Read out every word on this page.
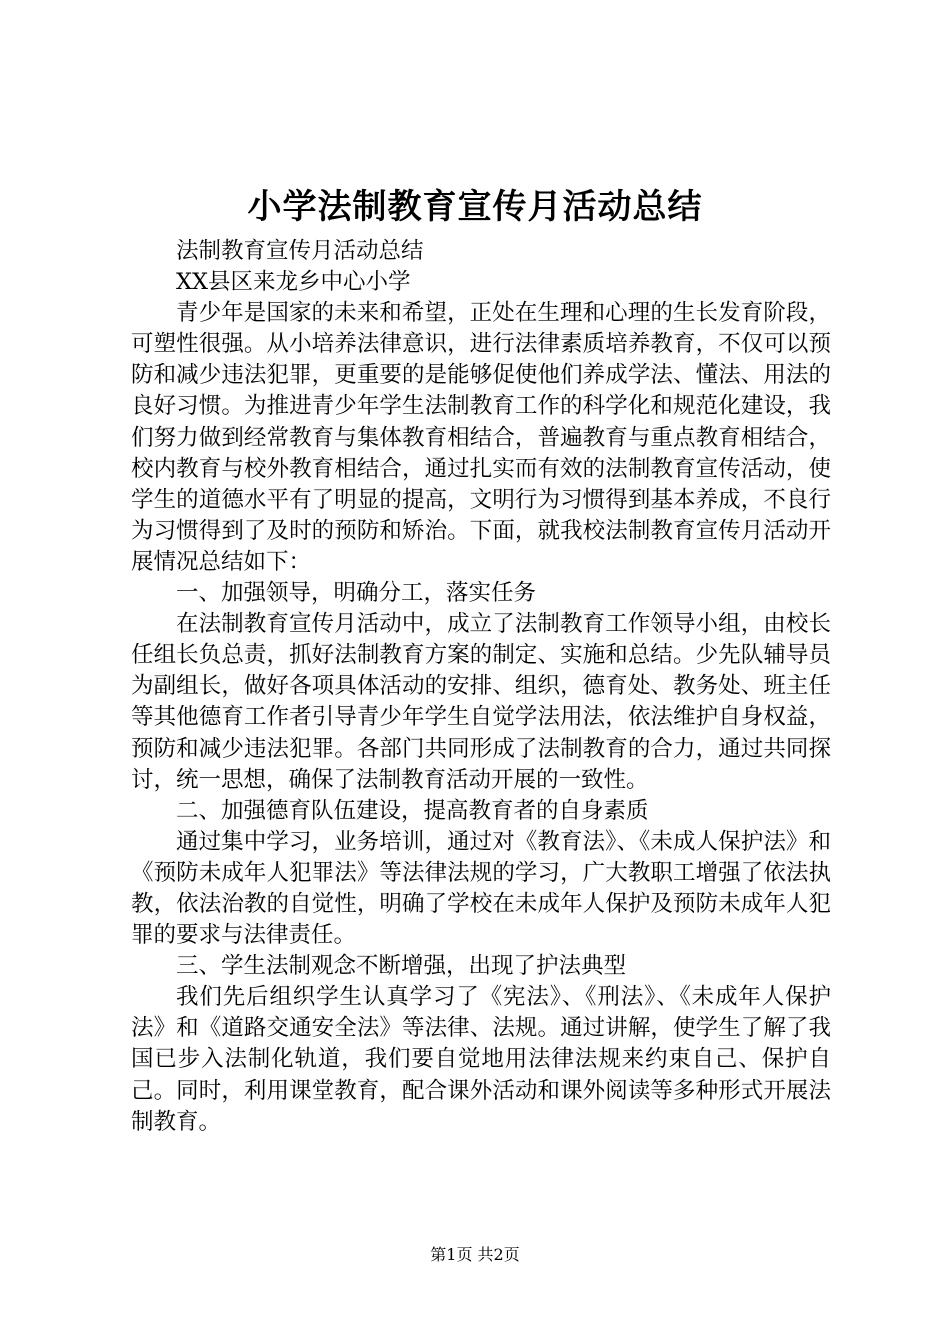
小学法制教育宣传月活动总结

法制教育宣传月活动总结

XX县区来龙乡中心小学

青少年是国家的未来和希望，正处在生理和心理的生长发育阶段，可塑性很强。从小培养法律意识，进行法律素质培养教育，不仅可以预防和减少违法犯罪，更重要的是能够促使他们养成学法、懂法、用法的良好习惯。为推进青少年学生法制教育工作的科学化和规范化建设，我们努力做到经常教育与集体教育相结合，普遍教育与重点教育相结合，校内教育与校外教育相结合，通过扎实而有效的法制教育宣传活动，使学生的道德水平有了明显的提高，文明行为习惯得到基本养成，不良行为习惯得到了及时的预防和矫治。下面，就我校法制教育宣传月活动开展情况总结如下：

一、加强领导，明确分工，落实任务

在法制教育宣传月活动中，成立了法制教育工作领导小组，由校长任组长负总责，抓好法制教育方案的制定、实施和总结。少先队辅导员为副组长，做好各项具体活动的安排、组织，德育处、教务处、班主任等其他德育工作者引导青少年学生自觉学法用法，依法维护自身权益，预防和减少违法犯罪。各部门共同形成了法制教育的合力，通过共同探讨，统一思想，确保了法制教育活动开展的一致性。

二、加强德育队伍建设，提高教育者的自身素质

通过集中学习，业务培训，通过对《教育法》、《未成人保护法》和《预防未成年人犯罪法》等法律法规的学习，广大教职工增强了依法执教，依法治教的自觉性，明确了学校在未成年人保护及预防未成年人犯罪的要求与法律责任。

三、学生法制观念不断增强，出现了护法典型

我们先后组织学生认真学习了《宪法》、《刑法》、《未成年人保护法》和《道路交通安全法》等法律、法规。通过讲解，使学生了解了我国已步入法制化轨道，我们要自觉地用法律法规来约束自己、保护自己。同时，利用课堂教育，配合课外活动和课外阅读等多种形式开展法制教育。

第1页 共2页
